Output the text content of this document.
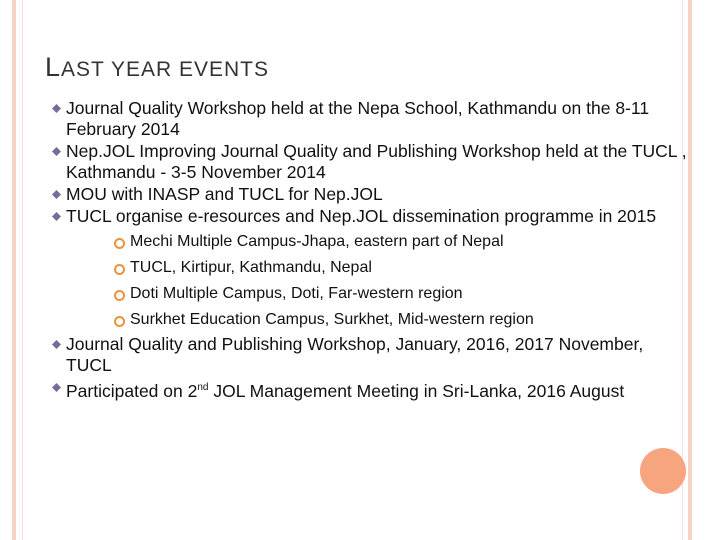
LAST YEAR EVENTS
Journal Quality Workshop held at the Nepa School, Kathmandu on the 8-11 February 2014
Nep.JOL Improving Journal Quality and Publishing Workshop held at the TUCL , Kathmandu - 3-5 November 2014
MOU with INASP and TUCL for Nep.JOL
TUCL organise e-resources and Nep.JOL dissemination programme in 2015
Mechi Multiple Campus-Jhapa, eastern part of Nepal
TUCL, Kirtipur, Kathmandu, Nepal
Doti Multiple Campus, Doti, Far-western region
Surkhet Education Campus, Surkhet, Mid-western region
Journal Quality and Publishing Workshop, January, 2016, 2017 November, TUCL
Participated on 2nd JOL Management Meeting in Sri-Lanka, 2016 August
